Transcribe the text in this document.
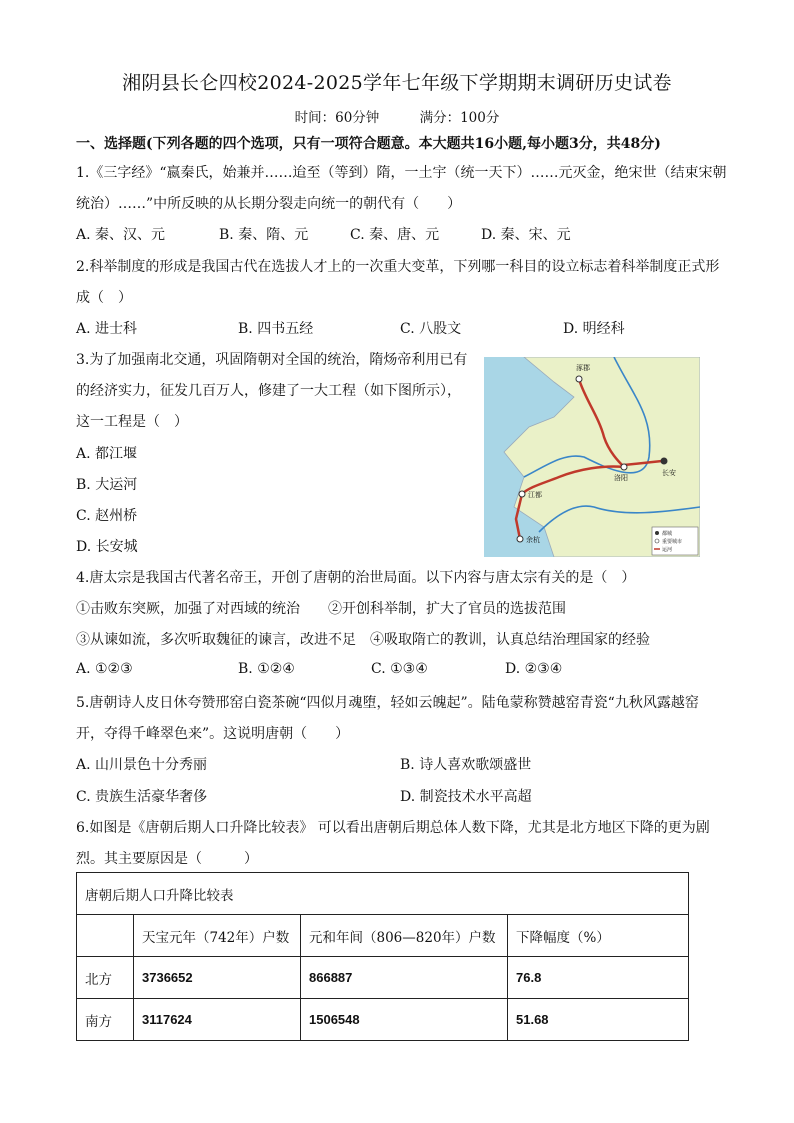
湘阴县长仑四校2024-2025学年七年级下学期期末调研历史试卷
时间：60分钟	满分：100分
一、选择题(下列各题的四个选项，只有一项符合题意。本大题共16小题,每小题3分，共48分)
1.《三字经》“嬴秦氏，始兼并……迨至（等到）隋，一土宇（统一天下）……元灭金，绝宋世（结束宋朝
统治）……”中所反映的从长期分裂走向统一的朝代有（　　）
A. 秦、汉、元	B. 秦、隋、元	C. 秦、唐、元	D. 秦、宋、元
2.科举制度的形成是我国古代在选拔人才上的一次重大变革，下列哪一科目的设立标志着科举制度正式形
成（　）
A. 进士科	B. 四书五经	C. 八股文	D. 明经科
3.为了加强南北交通，巩固隋朝对全国的统治，隋炀帝利用已有
的经济实力，征发几百万人，修建了一大工程（如下图所示），
这一工程是（　）
A. 都江堰
B. 大运河
C. 赵州桥
D. 长安城
涿郡
洛阳
长安
江都
余杭
都城
重要城市
运河
4.唐太宗是我国古代著名帝王，开创了唐朝的治世局面。以下内容与唐太宗有关的是（　）
①击败东突厥，加强了对西域的统治　　②开创科举制，扩大了官员的选拔范围
③从谏如流，多次听取魏征的谏言，改进不足　④吸取隋亡的教训，认真总结治理国家的经验
A. ①②③	B. ①②④	C. ①③④	D. ②③④
5.唐朝诗人皮日休夸赞邢窑白瓷茶碗“四似月魂堕，轻如云魄起”。陆龟蒙称赞越窑青瓷“九秋风露越窑
开，夺得千峰翠色来”。这说明唐朝（　　）
A. 山川景色十分秀丽	B. 诗人喜欢歌颂盛世
C. 贵族生活豪华奢侈	D. 制瓷技术水平高超
6.如图是《唐朝后期人口升降比较表》 可以看出唐朝后期总体人数下降，尤其是北方地区下降的更为剧
烈。其主要原因是（　　　）
唐朝后期人口升降比较表			
	天宝元年（742年）户数	元和年间（806—820年）户数	下降幅度（%）
北方	3736652	866887	76.8
南方	3117624	1506548	51.68
